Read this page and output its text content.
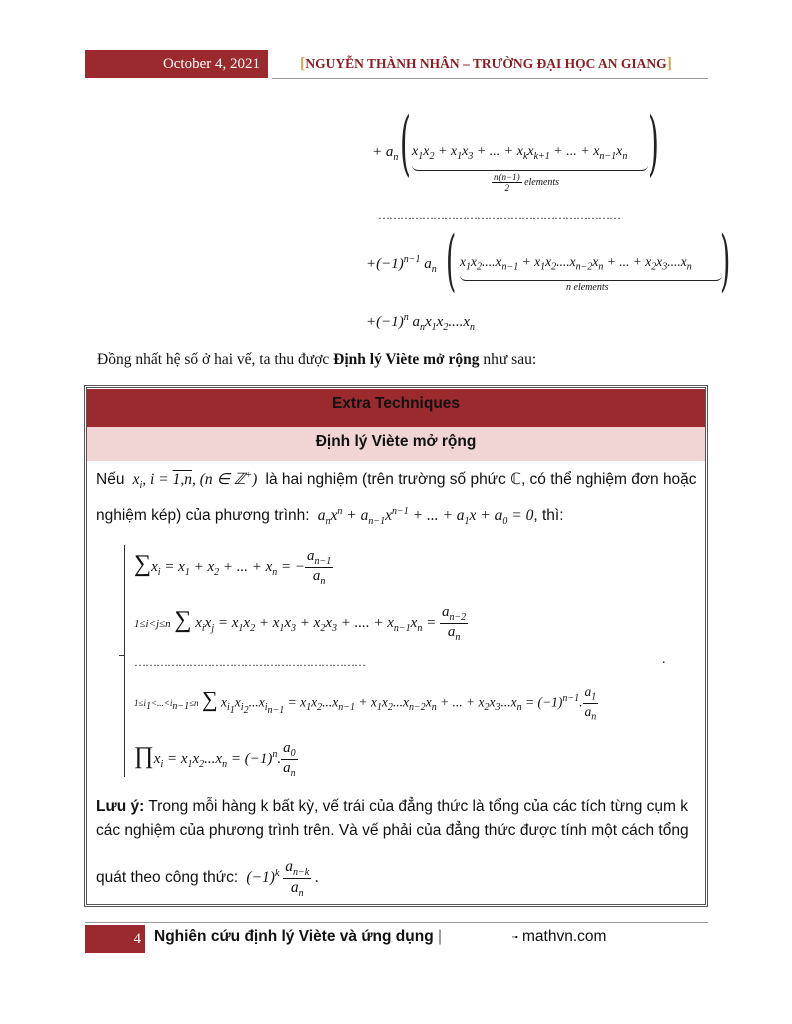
October 4, 2021	[NGUYỄN THÀNH NHÂN – TRƯỜNG ĐẠI HỌC AN GIANG]
+ $a_n$ ( $x_1x_2 + x_1x_3$ + ... + $x_kx_{k+1}$ + ... + $x_{n-1}x_n$
$\frac{n(n-1)}{2}$ elements )
…………………………………………………………
$+(-1)^{n-1}$ $a_n$ ( $x_1x_2....x_{n-1} + x_1x_2....x_{n-2}x_n$ + ... + $x_2x_3....x_n$
n elements )
$+(-1)^n$ $a_nx_1x_2....x_n$
Đồng nhất hệ số ở hai vế, ta thu được Định lý Viète mở rộng như sau:
Extra Techniques
Định lý Viète mở rộng
Nếu  $x_i$, i = 1,n, (n ∈ ℤ+)  là hai nghiệm (trên trường số phức ℂ, có thể nghiệm đơn hoặc
nghiệm kép) của phương trình:  $a_nx^n + a_{n-1}x^{n-1}$ + ... + $a_1x + a_0 = 0$, thì:
$\sum x_i = x_1 + x_2$ + ... + $x_n$ = − $\frac{a_{n-1}}{a_n}$
1≤i<j≤n ∑ $x_ix_j = x_1x_2 + x_1x_3 + x_2x_3$ + .... + $x_{n-1}x_n = \frac{a_{n-2}}{a_n}$
………………………………………………………	.
$1\le i_1<...<i_{n-1}\le n$ ∑ $x_{i_1}x_{i_2}...x_{i_{n-1}} = x_1x_2...x_{n-1} + x_1x_2...x_{n-2}x_n$ + ... + $x_2x_3...x_n = (-1)^{n-1}$. $\frac{a_1}{a_n}$
$\prod x_i = x_1x_2...x_n = (-1)^n$. $\frac{a_0}{a_n}$
Lưu ý: Trong mỗi hàng k bất kỳ, vế trái của đẳng thức là tổng của các tích từng cụm k
các nghiệm của phương trình trên. Và vế phải của đẳng thức được tính một cách tổng
quát theo công thức:  $(-1)^k \frac{a_{n-k}}{a_n}$ .
4 Nghiên cứu định lý Viète và ứng dụng |	▫▪ mathvn.com
